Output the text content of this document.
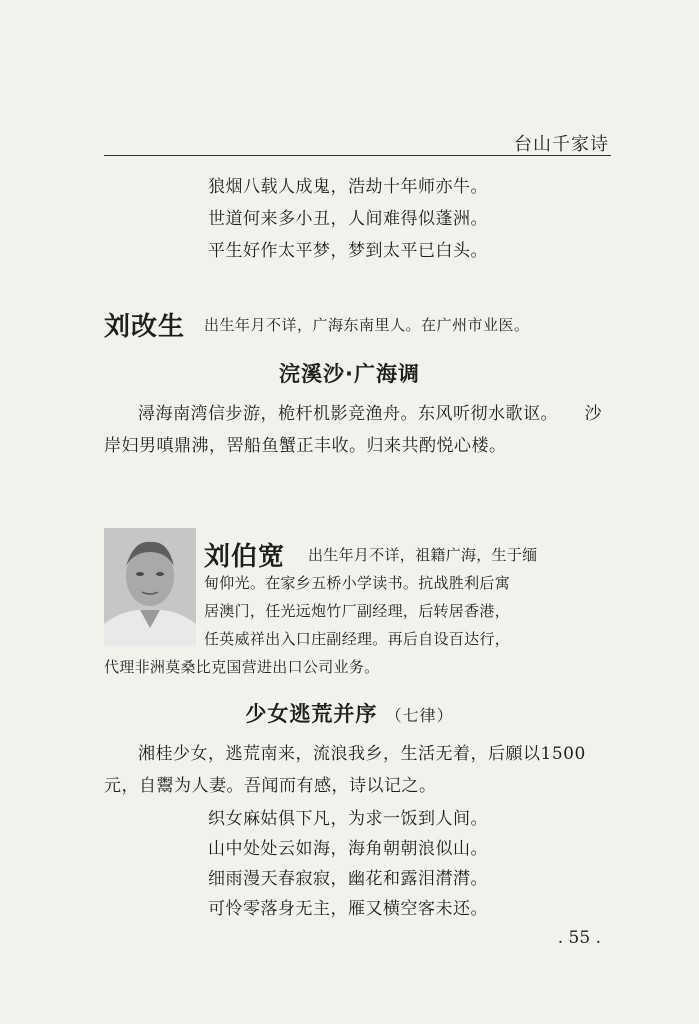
台山千家诗
狼烟八载人成鬼，浩劫十年师亦牛。
世道何来多小丑，人间难得似蓬洲。
平生好作太平梦，梦到太平已白头。
刘改生 出生年月不详，广海东南里人。在广州市业医。
浣溪沙·广海调

潯海南湾信步游，桅杆机影竞渔舟。东风听彻水歌讴。　　沙岸妇男嗔鼎沸，罟船鱼蟹正丰收。归来共酌悦心楼。

刘伯宽 出生年月不详，祖籍广海，生于缅
甸仰光。在家乡五桥小学读书。抗战胜利后寓
居澳门，任光远炮竹厂副经理，后转居香港，
任英威祥出入口庄副经理。再后自设百达行，
代理非洲莫桑比克国营进出口公司业务。
少女逃荒并序 （七律）

湘桂少女，逃荒南来，流浪我乡，生活无着，后願以1500元，自鬻为人妻。吾闻而有感，诗以记之。

织女麻姑俱下凡，为求一饭到人间。
山中处处云如海，海角朝朝浪似山。
细雨漫天春寂寂，幽花和露泪潸潸。
可怜零落身无主，雁又横空客未还。
. 55 .
